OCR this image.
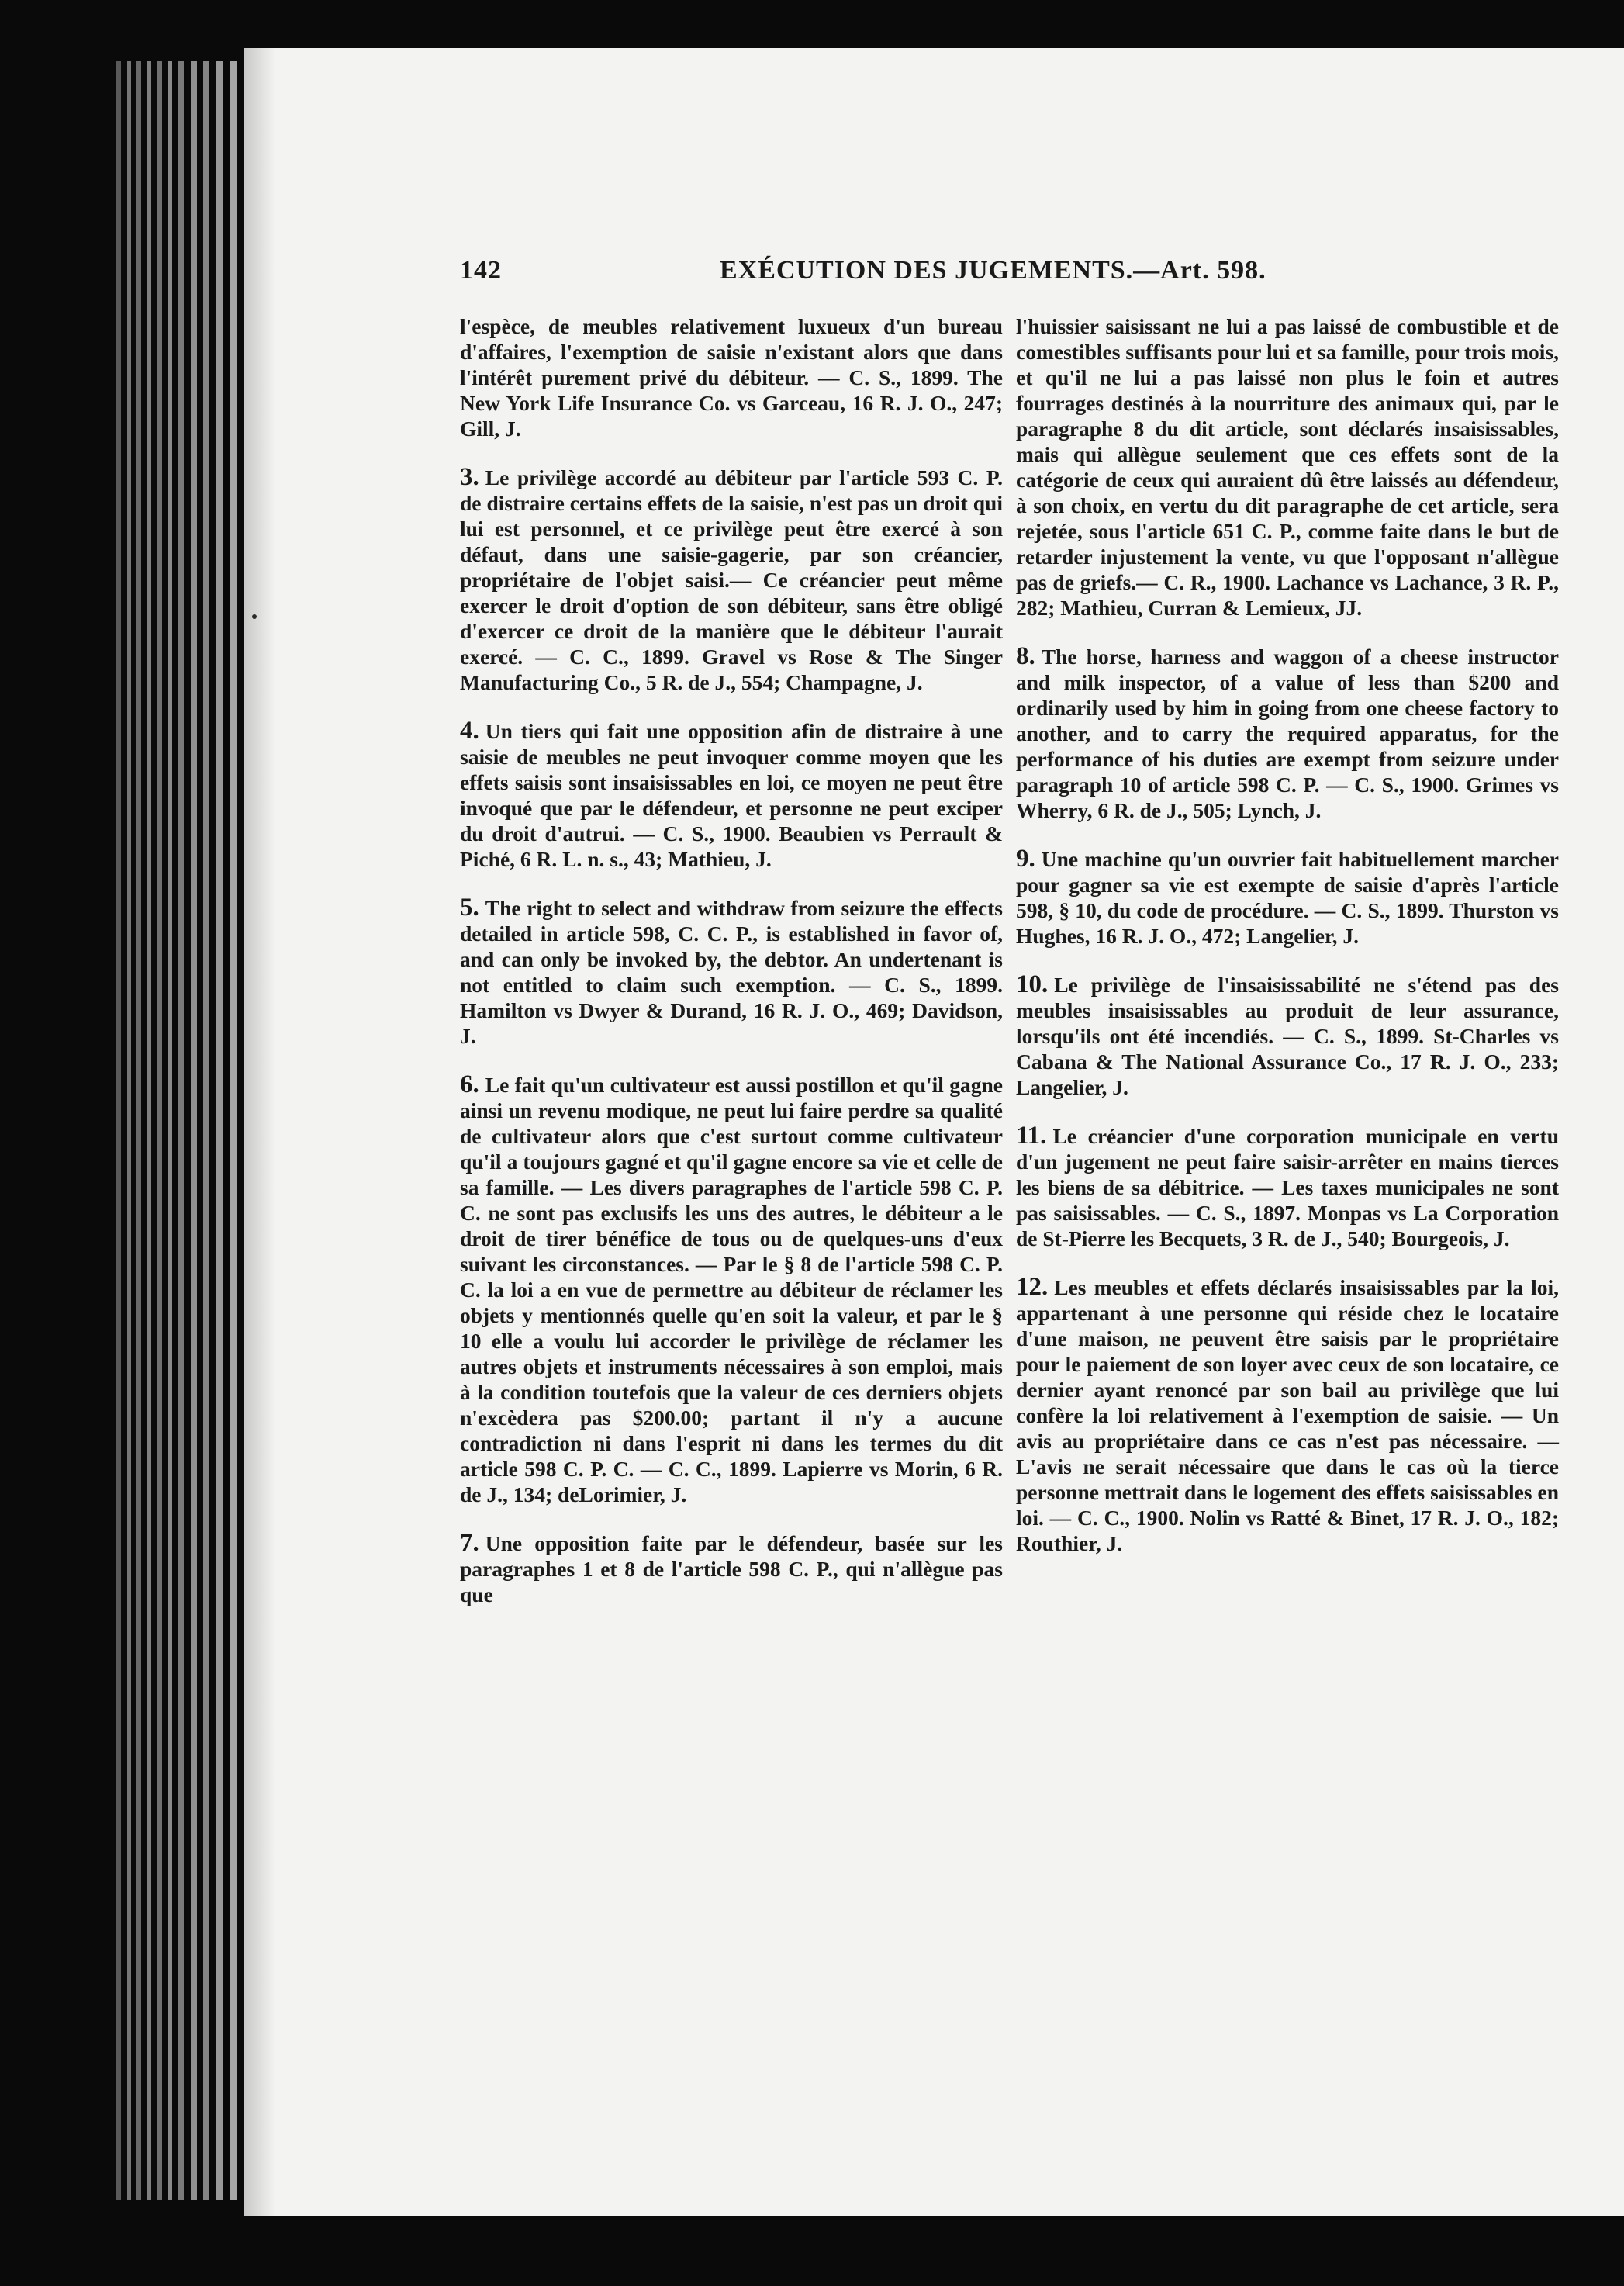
142	EXÉCUTION DES JUGEMENTS.—Art. 598.

l'espèce, de meubles relativement luxueux d'un bureau d'affaires, l'exemption de saisie n'existant alors que dans l'intérêt purement privé du débiteur. — C. S., 1899. The New York Life Insurance Co. vs Garceau, 16 R. J. O., 247; Gill, J.

3. Le privilège accordé au débiteur par l'article 593 C. P. de distraire certains effets de la saisie, n'est pas un droit qui lui est personnel, et ce privilège peut être exercé à son défaut, dans une saisie-gagerie, par son créancier, propriétaire de l'objet saisi.— Ce créancier peut même exercer le droit d'option de son débiteur, sans être obligé d'exercer ce droit de la manière que le débiteur l'aurait exercé. — C. C., 1899. Gravel vs Rose & The Singer Manufacturing Co., 5 R. de J., 554; Champagne, J.

4. Un tiers qui fait une opposition afin de distraire à une saisie de meubles ne peut invoquer comme moyen que les effets saisis sont insaisissables en loi, ce moyen ne peut être invoqué que par le défendeur, et personne ne peut exciper du droit d'autrui. — C. S., 1900. Beaubien vs Perrault & Piché, 6 R. L. n. s., 43; Mathieu, J.

5. The right to select and withdraw from seizure the effects detailed in article 598, C. C. P., is established in favor of, and can only be invoked by, the debtor. An undertenant is not entitled to claim such exemption. — C. S., 1899. Hamilton vs Dwyer & Durand, 16 R. J. O., 469; Davidson, J.

6. Le fait qu'un cultivateur est aussi postillon et qu'il gagne ainsi un revenu modique, ne peut lui faire perdre sa qualité de cultivateur alors que c'est surtout comme cultivateur qu'il a toujours gagné et qu'il gagne encore sa vie et celle de sa famille. — Les divers paragraphes de l'article 598 C. P. C. ne sont pas exclusifs les uns des autres, le débiteur a le droit de tirer bénéfice de tous ou de quelques-uns d'eux suivant les circonstances. — Par le § 8 de l'article 598 C. P. C. la loi a en vue de permettre au débiteur de réclamer les objets y mentionnés quelle qu'en soit la valeur, et par le § 10 elle a voulu lui accorder le privilège de réclamer les autres objets et instruments nécessaires à son emploi, mais à la condition toutefois que la valeur de ces derniers objets n'excèdera pas $200.00; partant il n'y a aucune contradiction ni dans l'esprit ni dans les termes du dit article 598 C. P. C. — C. C., 1899. Lapierre vs Morin, 6 R. de J., 134; deLorimier, J.

7. Une opposition faite par le défendeur, basée sur les paragraphes 1 et 8 de l'article 598 C. P., qui n'allègue pas que

l'huissier saisissant ne lui a pas laissé de combustible et de comestibles suffisants pour lui et sa famille, pour trois mois, et qu'il ne lui a pas laissé non plus le foin et autres fourrages destinés à la nourriture des animaux qui, par le paragraphe 8 du dit article, sont déclarés insaisissables, mais qui allègue seulement que ces effets sont de la catégorie de ceux qui auraient dû être laissés au défendeur, à son choix, en vertu du dit paragraphe de cet article, sera rejetée, sous l'article 651 C. P., comme faite dans le but de retarder injustement la vente, vu que l'opposant n'allègue pas de griefs.— C. R., 1900. Lachance vs Lachance, 3 R. P., 282; Mathieu, Curran & Lemieux, JJ.

8. The horse, harness and waggon of a cheese instructor and milk inspector, of a value of less than $200 and ordinarily used by him in going from one cheese factory to another, and to carry the required apparatus, for the performance of his duties are exempt from seizure under paragraph 10 of article 598 C. P. — C. S., 1900. Grimes vs Wherry, 6 R. de J., 505; Lynch, J.

9. Une machine qu'un ouvrier fait habituellement marcher pour gagner sa vie est exempte de saisie d'après l'article 598, § 10, du code de procédure. — C. S., 1899. Thurston vs Hughes, 16 R. J. O., 472; Langelier, J.

10. Le privilège de l'insaisissabilité ne s'étend pas des meubles insaisissables au produit de leur assurance, lorsqu'ils ont été incendiés. — C. S., 1899. St-Charles vs Cabana & The National Assurance Co., 17 R. J. O., 233; Langelier, J.

11. Le créancier d'une corporation municipale en vertu d'un jugement ne peut faire saisir-arrêter en mains tierces les biens de sa débitrice. — Les taxes municipales ne sont pas saisissables. — C. S., 1897. Monpas vs La Corporation de St-Pierre les Becquets, 3 R. de J., 540; Bourgeois, J.

12. Les meubles et effets déclarés insaisissables par la loi, appartenant à une personne qui réside chez le locataire d'une maison, ne peuvent être saisis par le propriétaire pour le paiement de son loyer avec ceux de son locataire, ce dernier ayant renoncé par son bail au privilège que lui confère la loi relativement à l'exemption de saisie. — Un avis au propriétaire dans ce cas n'est pas nécessaire. — L'avis ne serait nécessaire que dans le cas où la tierce personne mettrait dans le logement des effets saisissables en loi. — C. C., 1900. Nolin vs Ratté & Binet, 17 R. J. O., 182; Routhier, J.
